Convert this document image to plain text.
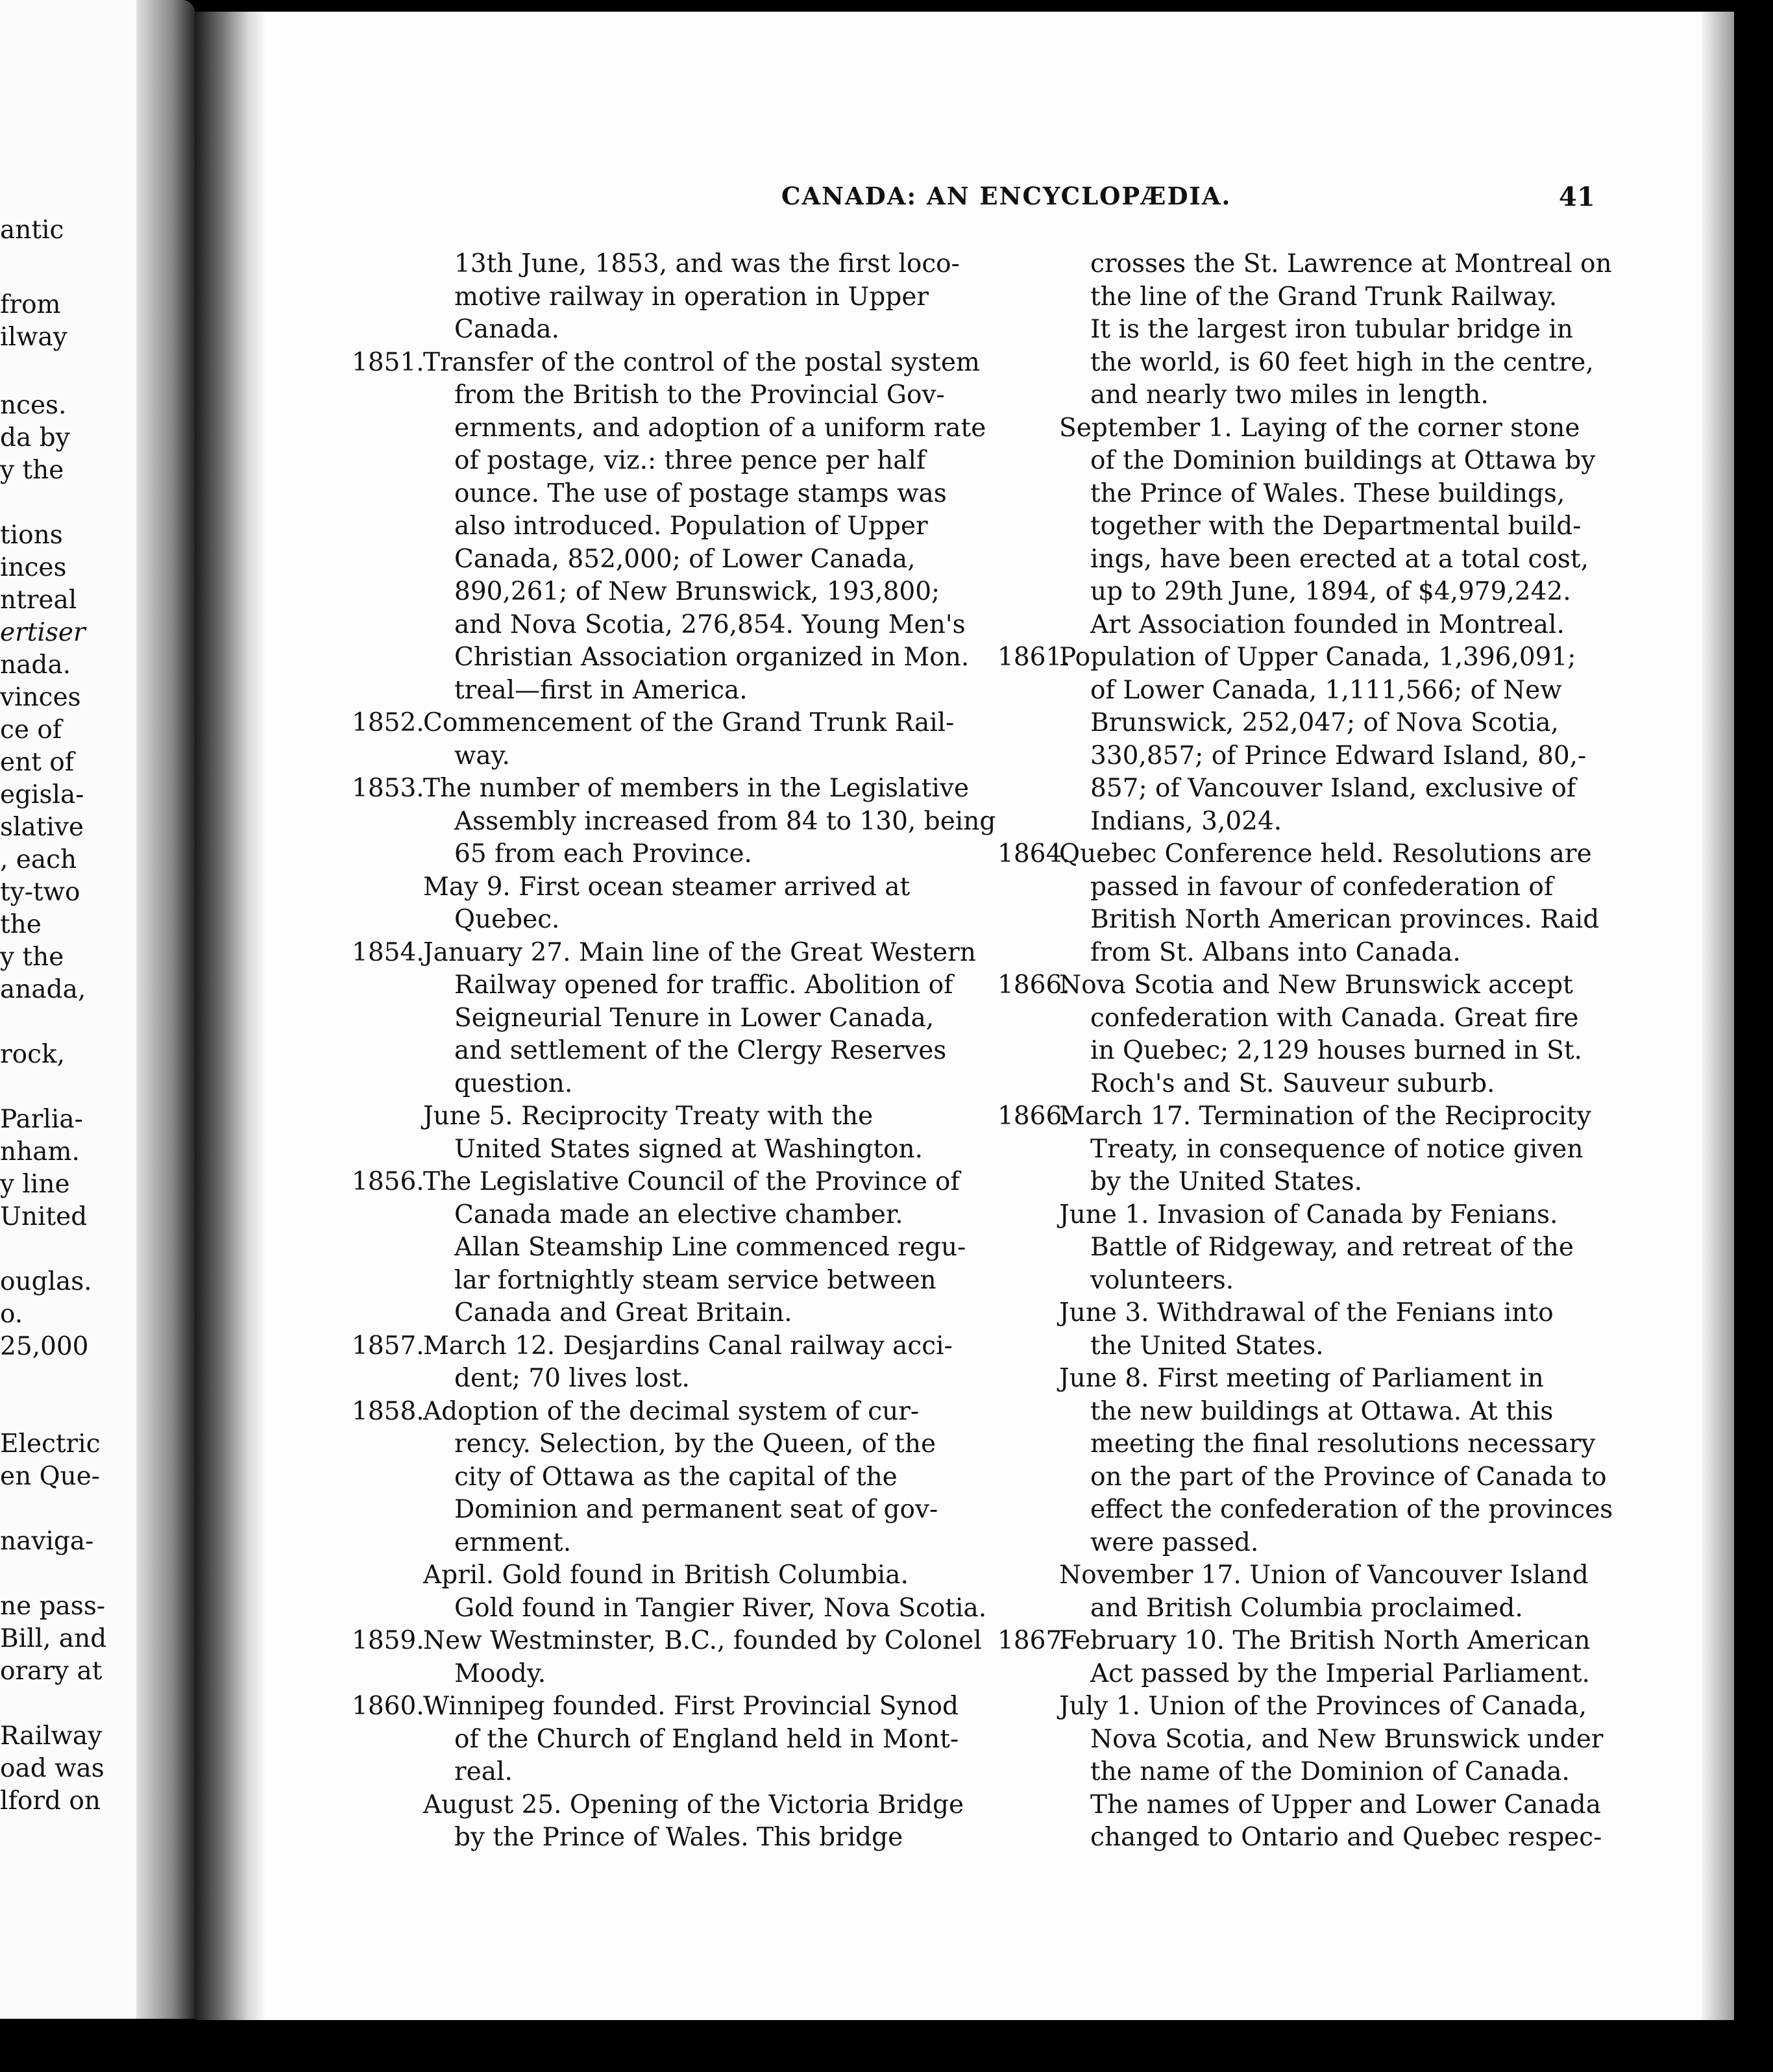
antic
from
ilway
nces.
da by
y the
tions
inces
ntreal
ertiser
nada.
vinces
ce of
ent of
egisla-
slative
, each
ty-two
the
y the
anada,
rock,
Parlia-
nham.
y line
United
ouglas.
o.
25,000
Electric
en Que-
naviga-
ne pass-
Bill, and
orary at
Railway
oad was
lford on
CANADA: AN ENCYCLOPÆDIA.	41
13th June, 1853, and was the first loco-
motive railway in operation in Upper
Canada.
1851.
Transfer of the control of the postal system
from the British to the Provincial Gov-
ernments, and adoption of a uniform rate
of postage, viz.: three pence per half
ounce. The use of postage stamps was
also introduced. Population of Upper
Canada, 852,000; of Lower Canada,
890,261; of New Brunswick, 193,800;
and Nova Scotia, 276,854. Young Men's
Christian Association organized in Mon.
treal—first in America.
1852.
Commencement of the Grand Trunk Rail-
way.
1853.
The number of members in the Legislative
Assembly increased from 84 to 130, being
65 from each Province.
May 9. First ocean steamer arrived at
Quebec.
1854.
January 27. Main line of the Great Western
Railway opened for traffic. Abolition of
Seigneurial Tenure in Lower Canada,
and settlement of the Clergy Reserves
question.
June 5. Reciprocity Treaty with the
United States signed at Washington.
1856.
The Legislative Council of the Province of
Canada made an elective chamber.
Allan Steamship Line commenced regu-
lar fortnightly steam service between
Canada and Great Britain.
1857.
March 12. Desjardins Canal railway acci-
dent; 70 lives lost.
1858.
Adoption of the decimal system of cur-
rency. Selection, by the Queen, of the
city of Ottawa as the capital of the
Dominion and permanent seat of gov-
ernment.
April. Gold found in British Columbia.
Gold found in Tangier River, Nova Scotia.
1859.
New Westminster, B.C., founded by Colonel
Moody.
1860.
Winnipeg founded. First Provincial Synod
of the Church of England held in Mont-
real.
August 25. Opening of the Victoria Bridge
by the Prince of Wales. This bridge
crosses the St. Lawrence at Montreal on
the line of the Grand Trunk Railway.
It is the largest iron tubular bridge in
the world, is 60 feet high in the centre,
and nearly two miles in length.
September 1. Laying of the corner stone
of the Dominion buildings at Ottawa by
the Prince of Wales. These buildings,
together with the Departmental build-
ings, have been erected at a total cost,
up to 29th June, 1894, of $4,979,242.
Art Association founded in Montreal.
1861.
Population of Upper Canada, 1,396,091;
of Lower Canada, 1,111,566; of New
Brunswick, 252,047; of Nova Scotia,
330,857; of Prince Edward Island, 80,-
857; of Vancouver Island, exclusive of
Indians, 3,024.
1864.
Quebec Conference held. Resolutions are
passed in favour of confederation of
British North American provinces. Raid
from St. Albans into Canada.
1866.
Nova Scotia and New Brunswick accept
confederation with Canada. Great fire
in Quebec; 2,129 houses burned in St.
Roch's and St. Sauveur suburb.
1866.
March 17. Termination of the Reciprocity
Treaty, in consequence of notice given
by the United States.
June 1. Invasion of Canada by Fenians.
Battle of Ridgeway, and retreat of the
volunteers.
June 3. Withdrawal of the Fenians into
the United States.
June 8. First meeting of Parliament in
the new buildings at Ottawa. At this
meeting the final resolutions necessary
on the part of the Province of Canada to
effect the confederation of the provinces
were passed.
November 17. Union of Vancouver Island
and British Columbia proclaimed.
1867.
February 10. The British North American
Act passed by the Imperial Parliament.
July 1. Union of the Provinces of Canada,
Nova Scotia, and New Brunswick under
the name of the Dominion of Canada.
The names of Upper and Lower Canada
changed to Ontario and Quebec respec-
